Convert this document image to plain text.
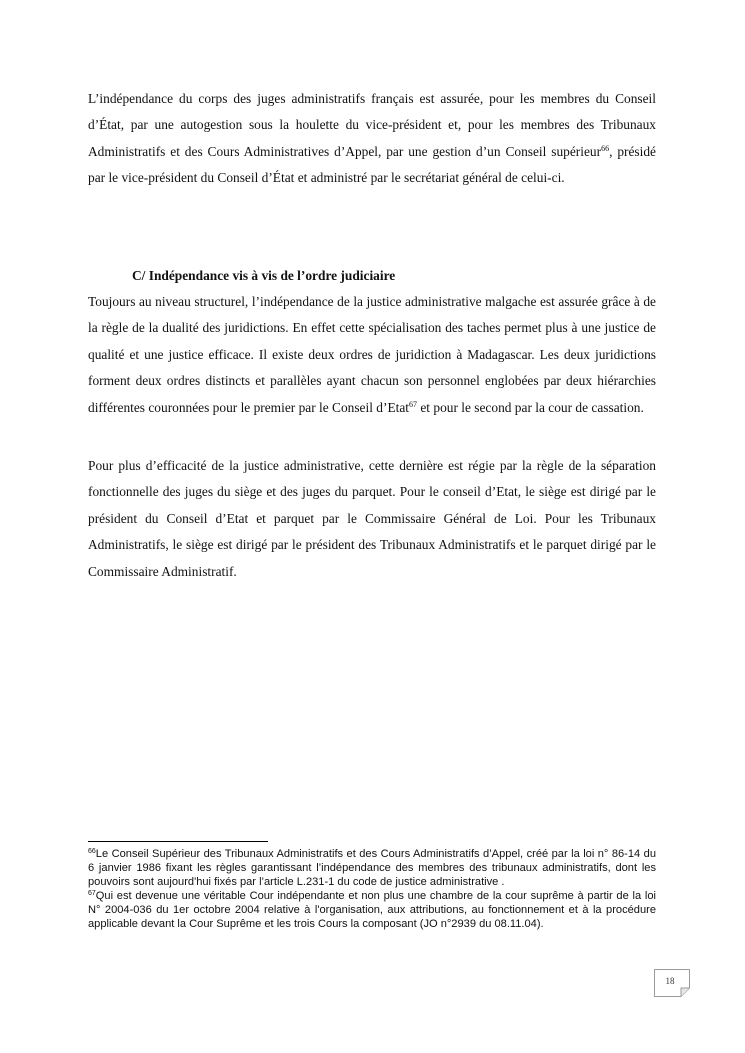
L’indépendance du corps des juges administratifs français est assurée, pour les membres du Conseil d’État, par une autogestion sous la houlette du vice-président et, pour les membres des Tribunaux Administratifs et des Cours Administratives d’Appel, par une gestion d’un Conseil supérieur$^{66}$, présidé par le vice-président du Conseil d’État et administré par le secrétariat général de celui-ci.

C/ Indépendance vis à vis de l’ordre judiciaire

Toujours au niveau structurel, l’indépendance de la justice administrative malgache est assurée grâce à de la règle de la dualité des juridictions. En effet cette spécialisation des taches permet plus à une justice de qualité et une justice efficace. Il existe deux ordres de juridiction à Madagascar. Les deux juridictions forment deux ordres distincts et parallèles ayant chacun son personnel englobées par deux hiérarchies différentes couronnées pour le premier par le Conseil d’Etat$^{67}$ et pour le second par la cour de cassation.

Pour plus d’efficacité de la justice administrative, cette dernière est régie par la règle de la séparation fonctionnelle des juges du siège et des juges du parquet. Pour le conseil d’Etat, le siège est dirigé par le président du Conseil d’Etat et parquet par le Commissaire Général de Loi. Pour les Tribunaux Administratifs, le siège est dirigé par le président des Tribunaux Administratifs et le parquet dirigé par le Commissaire Administratif.

$^{66}$Le Conseil Supérieur des Tribunaux Administratifs et des Cours Administratifs d’Appel, créé par la loi n° 86-14 du 6 janvier 1986 fixant les règles garantissant l’indépendance des membres des tribunaux administratifs, dont les pouvoirs sont aujourd'hui fixés par l’article L.231-1 du code de justice administrative .

$^{67}$Qui est devenue une véritable Cour indépendante et non plus une chambre de la cour suprême à partir de la loi N° 2004-036 du 1er octobre 2004 relative à l'organisation, aux attributions, au fonctionnement et à la procédure applicable devant la Cour Suprême et les trois Cours la composant (JO n°2939 du 08.11.04).

18
